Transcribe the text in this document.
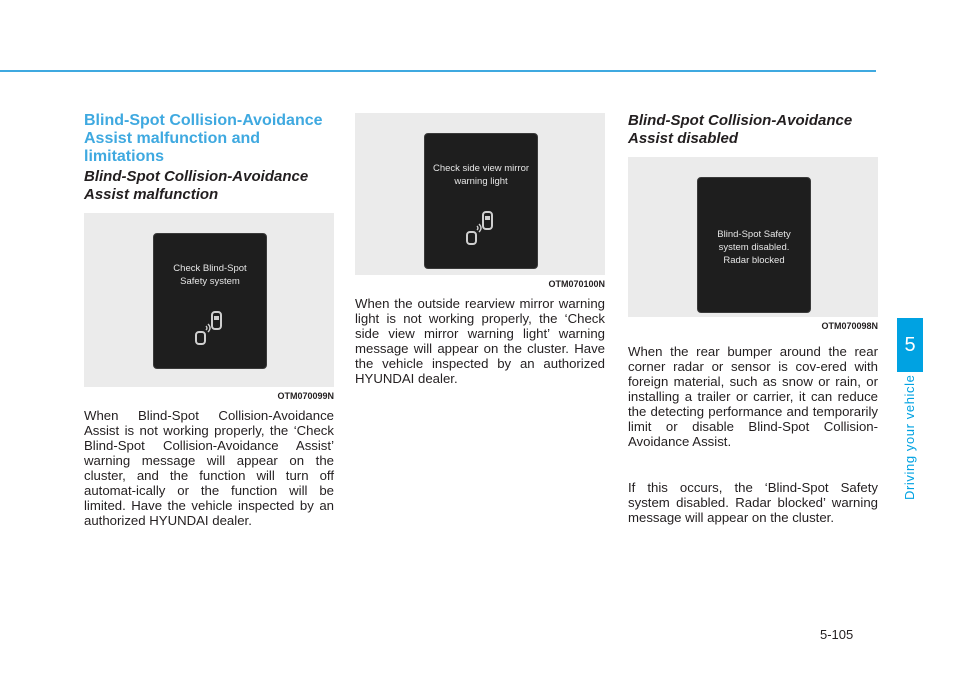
Blind-Spot Collision-Avoidance Assist malfunction and limitations
Blind-Spot Collision-Avoidance Assist malfunction
Check Blind-Spot
Safety system
OTM070099N

When Blind-Spot Collision-Avoidance Assist is not working properly, the ‘Check Blind-Spot Collision-Avoidance Assist’ warning message will appear on the cluster, and the function will turn off automat-ically or the function will be limited. Have the vehicle inspected by an authorized HYUNDAI dealer.

Check side view mirror
warning light
OTM070100N

When the outside rearview mirror warning light is not working properly, the ‘Check side view mirror warning light’ warning message will appear on the cluster. Have the vehicle inspected by an authorized HYUNDAI dealer.

Blind-Spot Collision-Avoidance Assist disabled
Blind-Spot Safety
system disabled.
Radar blocked
OTM070098N

When the rear bumper around the rear corner radar or sensor is cov-ered with foreign material, such as snow or rain, or installing a trailer or carrier, it can reduce the detecting performance and temporarily limit or disable Blind-Spot Collision-Avoidance Assist.

If this occurs, the ‘Blind-Spot Safety system disabled. Radar blocked’ warning message will appear on the cluster.

5
Driving your vehicle
5-105
